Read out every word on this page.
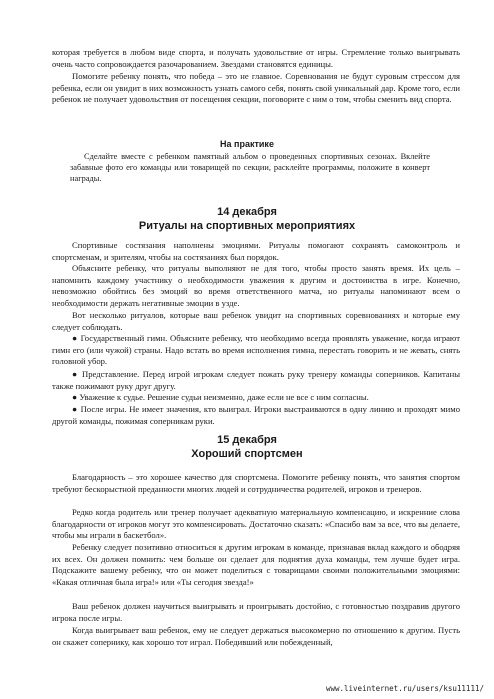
которая требуется в любом виде спорта, и получать удовольствие от игры. Стремление только выигрывать очень часто сопровождается разочарованием. Звездами становятся единицы.

Помогите ребенку понять, что победа – это не главное. Соревнования не будут суровым стрессом для ребенка, если он увидит в них возможность узнать самого себя, понять свой уникальный дар. Кроме того, если ребенок не получает удовольствия от посещения секции, поговорите с ним о том, чтобы сменить вид спорта.

На практике
Сделайте вместе с ребенком памятный альбом о проведенных спортивных сезонах. Вклейте забавные фото его команды или товарищей по секции, расклейте программы, положите в конверт награды.
14 декабря
Ритуалы на спортивных мероприятиях

Спортивные состязания наполнены эмоциями. Ритуалы помогают сохранять самоконтроль и спортсменам, и зрителям, чтобы на состязаниях был порядок.

Объясните ребенку, что ритуалы выполняют не для того, чтобы просто занять время. Их цель – напомнить каждому участнику о необходимости уважения к другим и достоинства в игре. Конечно, невозможно обойтись без эмоций во время ответственного матча, но ритуалы напоминают всем о необходимости держать негативные эмоции в узде.

Вот несколько ритуалов, которые ваш ребенок увидит на спортивных соревнованиях и которые ему следует соблюдать.

● Государственный гимн. Объясните ребенку, что необходимо всегда проявлять уважение, когда играют гимн его (или чужой) страны. Надо встать во время исполнения гимна, перестать говорить и не жевать, снять головной убор.

● Представление. Перед игрой игрокам следует пожать руку тренеру команды соперников. Капитаны также пожимают руку друг другу.

● Уважение к судье. Решение судьи неизменно, даже если не все с ним согласны.

● После игры. Не имеет значения, кто выиграл. Игроки выстраиваются в одну линию и проходят мимо другой команды, пожимая соперникам руки.

15 декабря
Хороший спортсмен

Благодарность – это хорошее качество для спортсмена. Помогите ребенку понять, что занятия спортом требуют бескорыстной преданности многих людей и сотрудничества родителей, игроков и тренеров.

Редко когда родитель или тренер получает адекватную материальную компенсацию, и искренние слова благодарности от игроков могут это компенсировать. Достаточно сказать: «Спасибо вам за все, что вы делаете, чтобы мы играли в баскетбол».

Ребенку следует позитивно относиться к другим игрокам в команде, признавая вклад каждого и ободряя их всех. Он должен помнить: чем больше он сделает для поднятия духа команды, тем лучше будет игра. Подскажите вашему ребенку, что он может поделиться с товарищами своими положительными эмоциями: «Какая отличная была игра!» или «Ты сегодня звезда!»

Ваш ребенок должен научиться выигрывать и проигрывать достойно, с готовностью поздравив другого игрока после игры.

Когда выигрывает ваш ребенок, ему не следует держаться высокомерно по отношению к другим. Пусть он скажет сопернику, как хорошо тот играл. Победивший или побежденный,

www.liveinternet.ru/users/ksu11111/
